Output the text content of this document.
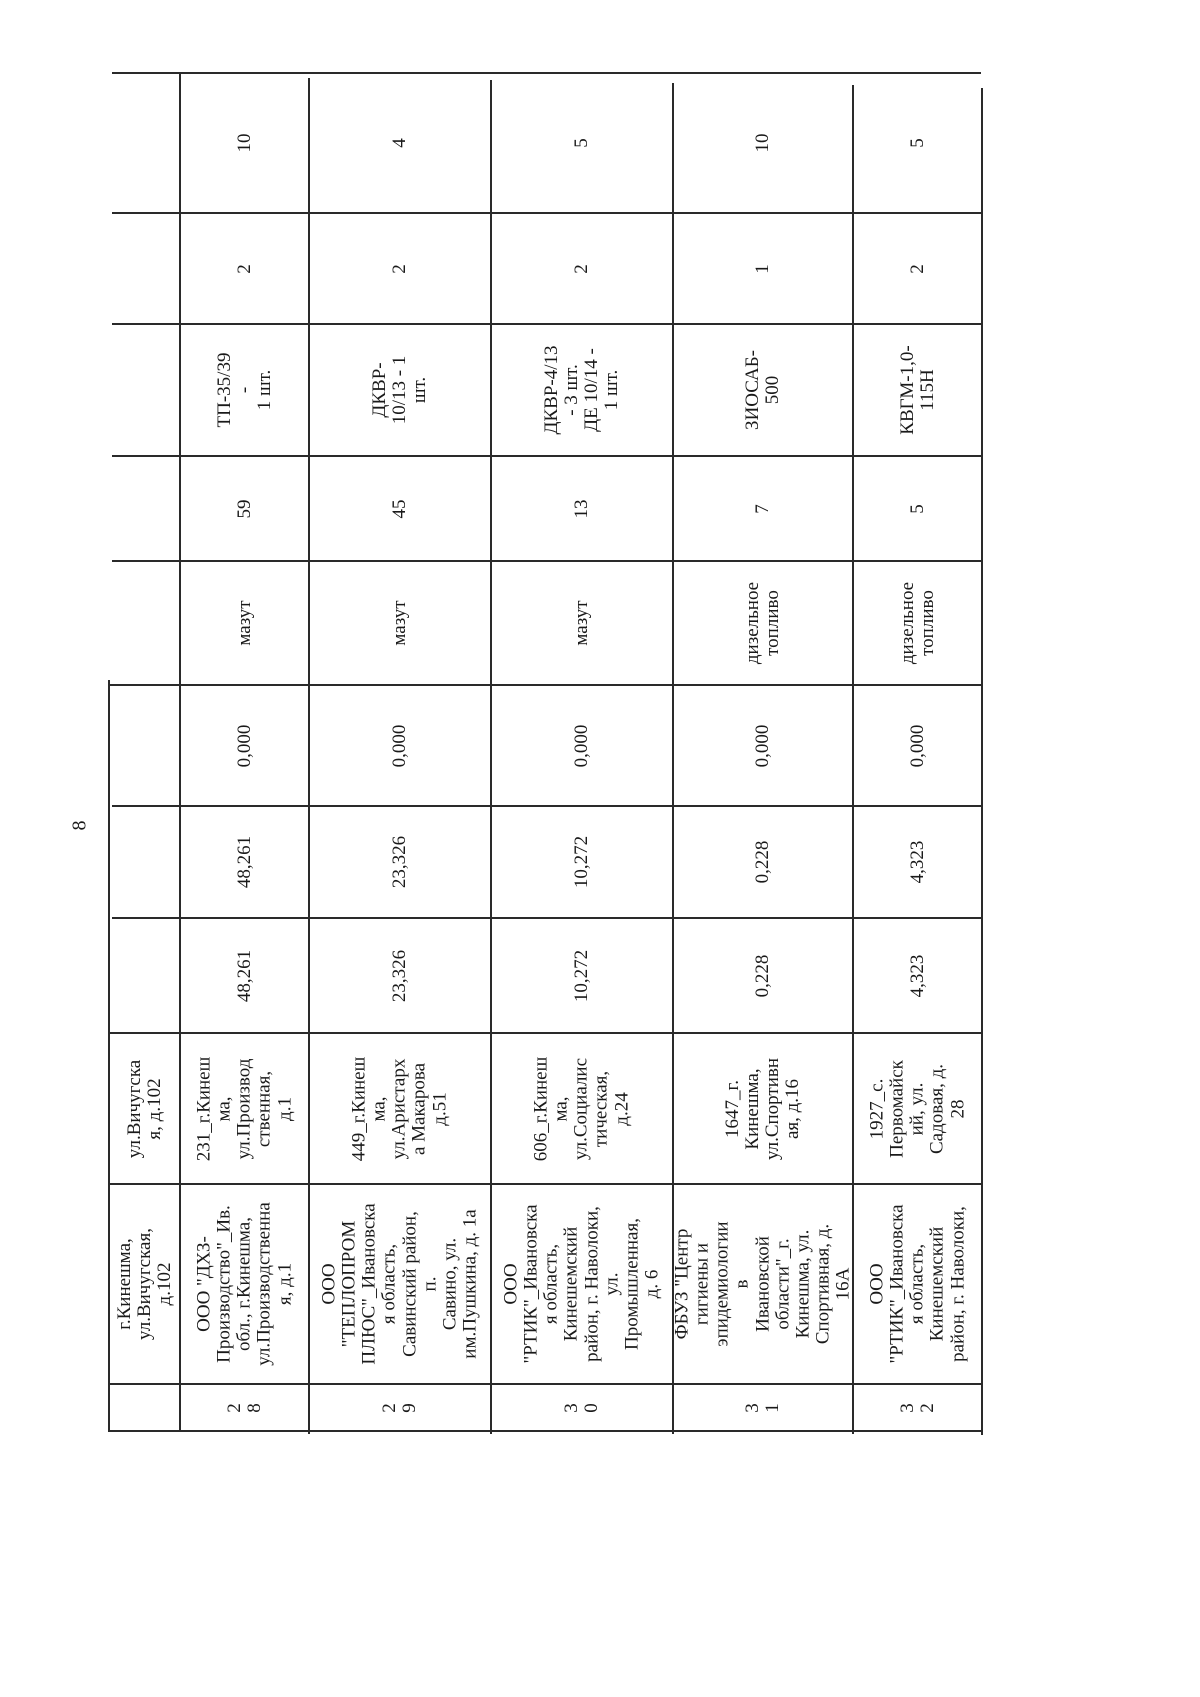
8
г.Кинешма,
ул.Вичугская, д.102
ул.Вичугска
я, д.102
2
8
ООО "ДХЗ-
Производство"_Ив.
обл., г.Кинешма,
ул.Производственна
я, д.1
231_г.Кинеш
ма,
ул.Производ
ственная, д.1
48,261
48,261
0,000
мазут
59
ТП-35/39 -
1 шт.
2
10
2
9
ООО
"ТЕПЛОПРОМ
ПЛЮС"_Ивановска
я область,
Савинский район, п.
Савино, ул.
им.Пушкина, д. 1а
449_г.Кинеш
ма,
ул.Аристарх
а Макарова
д.51
23,326
23,326
0,000
мазут
45
ДКВР-
10/13 - 1
шт.
2
4
3
0
ООО
"РТИК"_Ивановска
я область,
Кинешемский
район, г. Наволоки,
ул. Промышленная,
д. 6
606_г.Кинеш
ма,
ул.Социалис
тическая,
д.24
10,272
10,272
0,000
мазут
13
ДКВР-4/13
- 3 шт.
ДЕ 10/14 -
1 шт.
2
5
3
1
ФБУЗ "Центр
гигиены и
эпидемиологии в
Ивановской
области"_г.
Кинешма, ул.
Спортивная, д. 16А
1647_г.
Кинешма,
ул.Спортивн
ая, д.16
0,228
0,228
0,000
дизельное
топливо
7
ЗИОСАБ-
500
1
10
3
2
ООО
"РТИК"_Ивановска
я область,
Кинешемский
район, г. Наволоки,
1927_с.
Первомайск
ий, ул.
Садовая, д.
28
4,323
4,323
0,000
дизельное
топливо
5
КВГМ-1,0-
115Н
2
5
